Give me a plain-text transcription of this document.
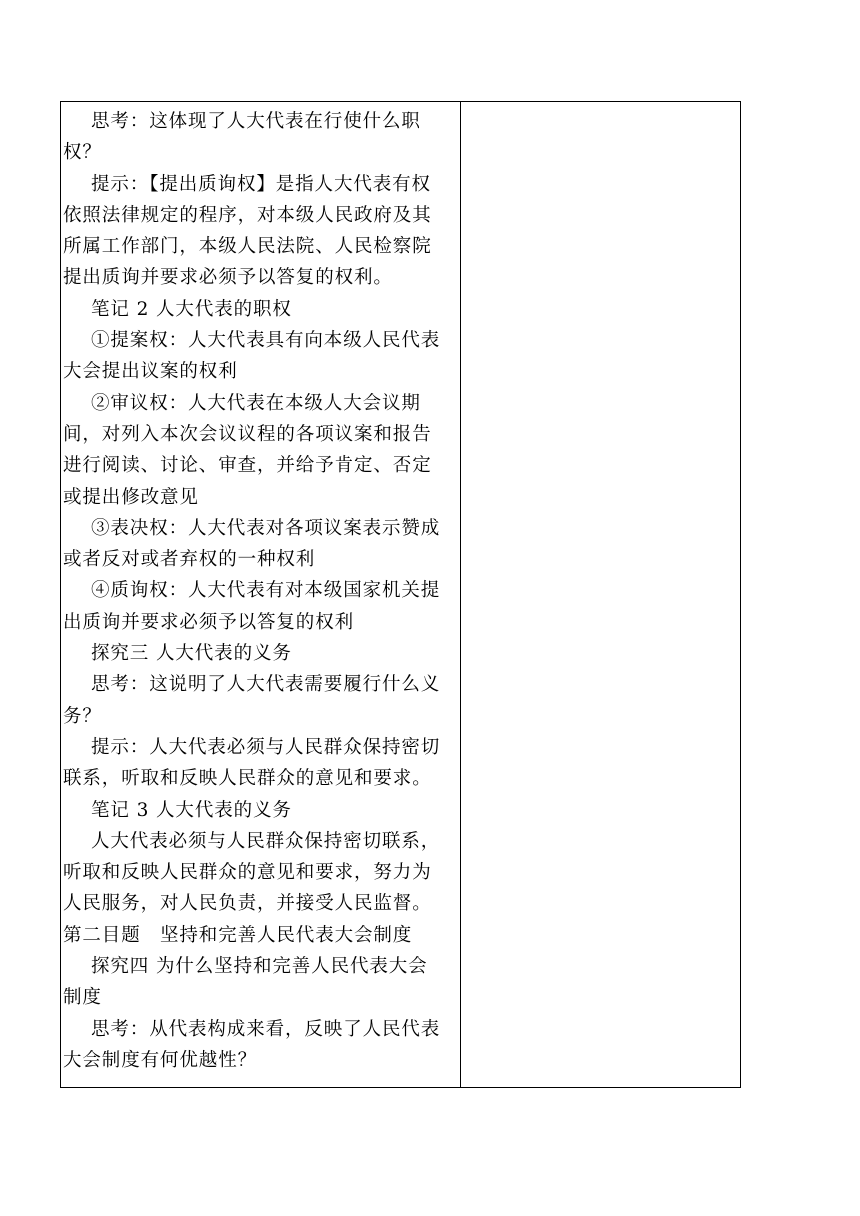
思考：这体现了人大代表在行使什么职
权？
提示：【提出质询权】是指人大代表有权
依照法律规定的程序，对本级人民政府及其
所属工作部门，本级人民法院、人民检察院
提出质询并要求必须予以答复的权利。
笔记 2 人大代表的职权
①提案权：人大代表具有向本级人民代表
大会提出议案的权利
②审议权：人大代表在本级人大会议期
间，对列入本次会议议程的各项议案和报告
进行阅读、讨论、审查，并给予肯定、否定
或提出修改意见
③表决权：人大代表对各项议案表示赞成
或者反对或者弃权的一种权利
④质询权：人大代表有对本级国家机关提
出质询并要求必须予以答复的权利
探究三 人大代表的义务
思考：这说明了人大代表需要履行什么义
务？
提示：人大代表必须与人民群众保持密切
联系，听取和反映人民群众的意见和要求。
笔记 3 人大代表的义务
人大代表必须与人民群众保持密切联系，
听取和反映人民群众的意见和要求，努力为
人民服务，对人民负责，并接受人民监督。
第二目题　坚持和完善人民代表大会制度
探究四 为什么坚持和完善人民代表大会
制度
思考：从代表构成来看，反映了人民代表
大会制度有何优越性？
